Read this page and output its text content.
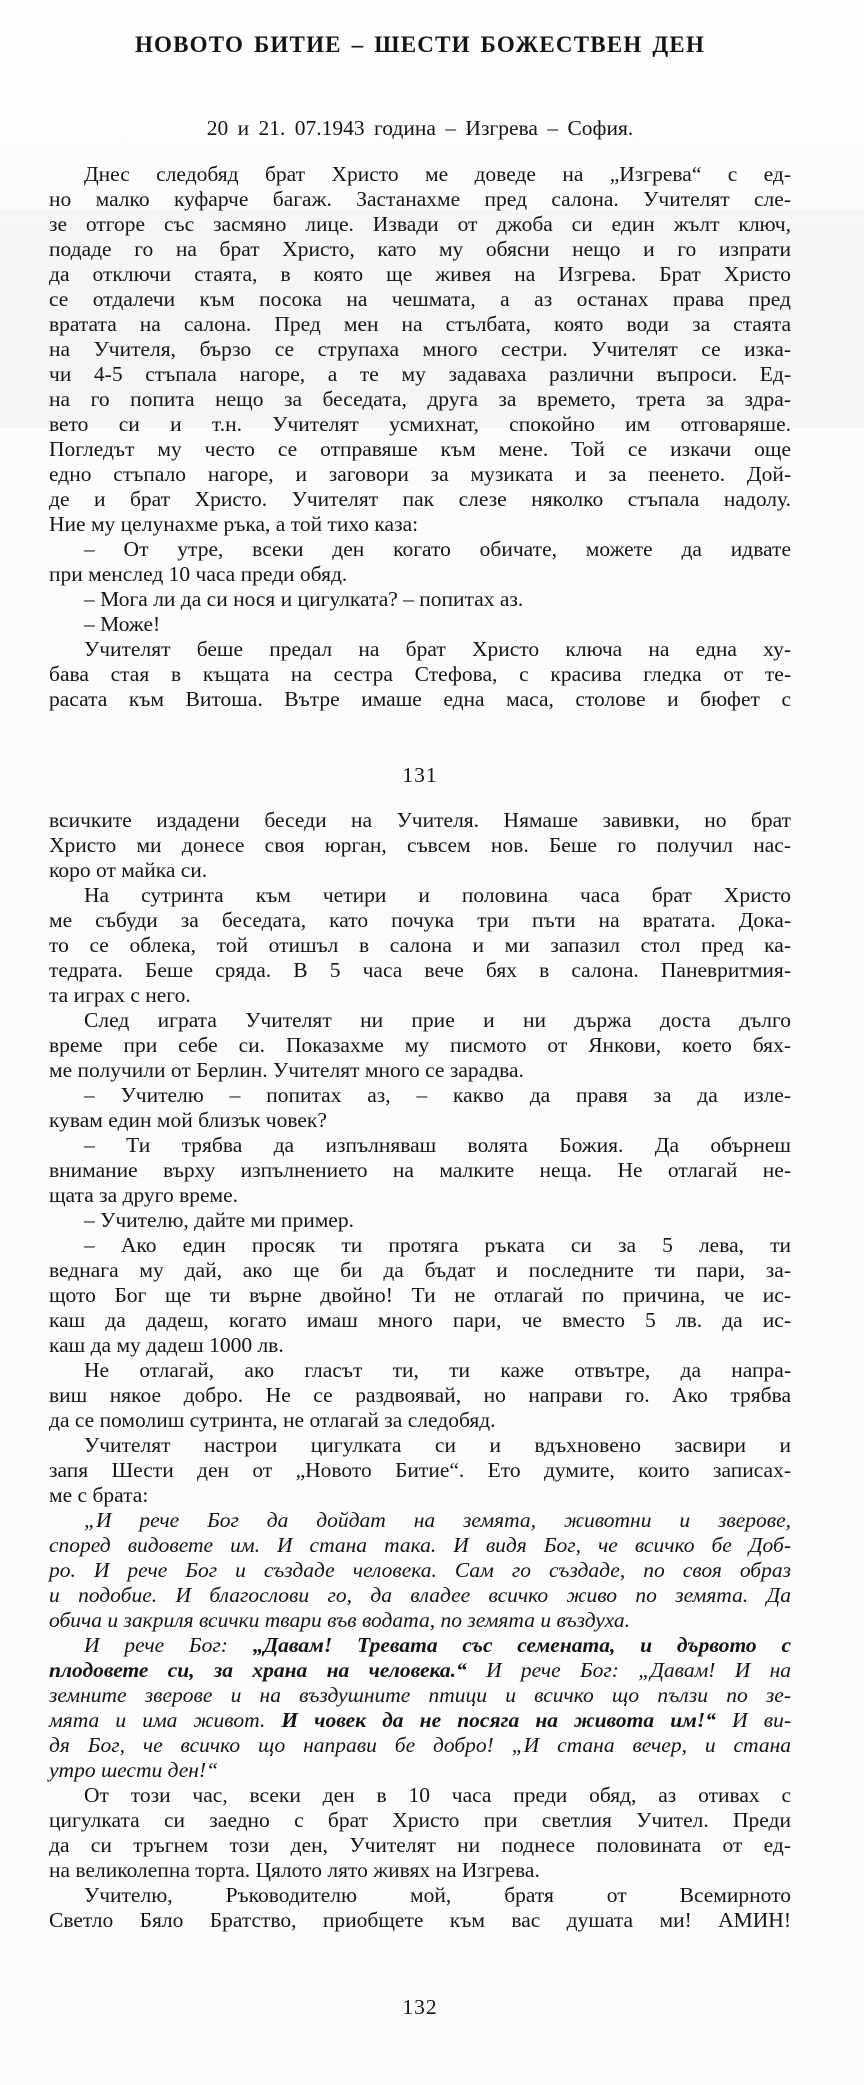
НОВОТО БИТИЕ – ШЕСТИ БОЖЕСТВЕН ДЕН
20 и 21. 07.1943 година – Изгрева – София.
Днес следобяд брат Христо ме доведе на „Изгрева“ с ед-
но малко куфарче багаж. Застанахме пред салона. Учителят сле-
зе отгоре със засмяно лице. Извади от джоба си един жълт ключ,
подаде го на брат Христо, като му обясни нещо и го изпрати
да отключи стаята, в която ще живея на Изгрева. Брат Христо
се отдалечи към посока на чешмата, а аз останах права пред
вратата на салона. Пред мен на стълбата, която води за стаята
на Учителя, бързо се струпаха много сестри. Учителят се изка-
чи 4-5 стъпала нагоре, а те му задаваха различни въпроси. Ед-
на го попита нещо за беседата, друга за времето, трета за здра-
вето си и т.н. Учителят усмихнат, спокойно им отговаряше.
Погледът му често се отправяше към мене. Той се изкачи още
едно стъпало нагоре, и заговори за музиката и за пеенето. Дой-
де и брат Христо. Учителят пак слезе няколко стъпала надолу.
Ние му целунахме ръка, а той тихо каза:
– От утре, всеки ден когато обичате, можете да идвате
при менслед 10 часа преди обяд.
– Мога ли да си нося и цигулката? – попитах аз.
– Може!
Учителят беше предал на брат Христо ключа на една ху-
бава стая в къщата на сестра Стефова, с красива гледка от те-
расата към Витоша. Вътре имаше една маса, столове и бюфет с
131
всичките издадени беседи на Учителя. Нямаше завивки, но брат
Христо ми донесе своя юрган, съвсем нов. Беше го получил нас-
коро от майка си.
На сутринта към четири и половина часа брат Христо
ме събуди за беседата, като почука три пъти на вратата. Дока-
то се облека, той отишъл в салона и ми запазил стол пред ка-
тедрата. Беше сряда. В 5 часа вече бях в салона. Паневритмия-
та играх с него.
След играта Учителят ни прие и ни държа доста дълго
време при себе си. Показахме му писмото от Янкови, което бях-
ме получили от Берлин. Учителят много се зарадва.
– Учителю – попитах аз, – какво да правя за да изле-
кувам един мой близък човек?
– Ти трябва да изпълняваш волята Божия. Да обърнеш
внимание върху изпълнението на малките неща. Не отлагай не-
щата за друго време.
– Учителю, дайте ми пример.
– Ако един просяк ти протяга ръката си за 5 лева, ти
веднага му дай, ако ще би да бъдат и последните ти пари, за-
щото Бог ще ти върне двойно! Ти не отлагай по причина, че ис-
каш да дадеш, когато имаш много пари, че вместо 5 лв. да ис-
каш да му дадеш 1000 лв.
Не отлагай, ако гласът ти, ти каже отвътре, да напра-
виш някое добро. Не се раздвоявай, но направи го. Ако трябва
да се помолиш сутринта, не отлагай за следобяд.
Учителят настрои цигулката си и вдъхновено засвири и
запя Шести ден от „Новото Битие“. Ето думите, които записах-
ме с брата:
„И рече Бог да дойдат на земята, животни и зверове,
според видовете им. И стана така. И видя Бог, че всичко бе Доб-
ро. И рече Бог и създаде человека. Сам го създаде, по своя образ
и подобие. И благослови го, да владее всичко живо по земята. Да
обича и закриля всички твари във водата, по земята и въздуха.
И рече Бог: „Давам! Тревата със семената, и дървото с
плодовете си, за храна на человека.“ И рече Бог: „Давам! И на
земните зверове и на въздушните птици и всичко що пълзи по зе-
мята и има живот. И човек да не посяга на живота им!“ И ви-
дя Бог, че всичко що направи бе добро! „И стана вечер, и стана
утро шести ден!“
От този час, всеки ден в 10 часа преди обяд, аз отивах с
цигулката си заедно с брат Христо при светлия Учител. Преди
да си тръгнем този ден, Учителят ни поднесе половината от ед-
на великолепна торта. Цялото лято живях на Изгрева.
Учителю, Ръководителю мой, братя от Всемирното
Светло Бяло Братство, приобщете към вас душата ми! АМИН!
132
